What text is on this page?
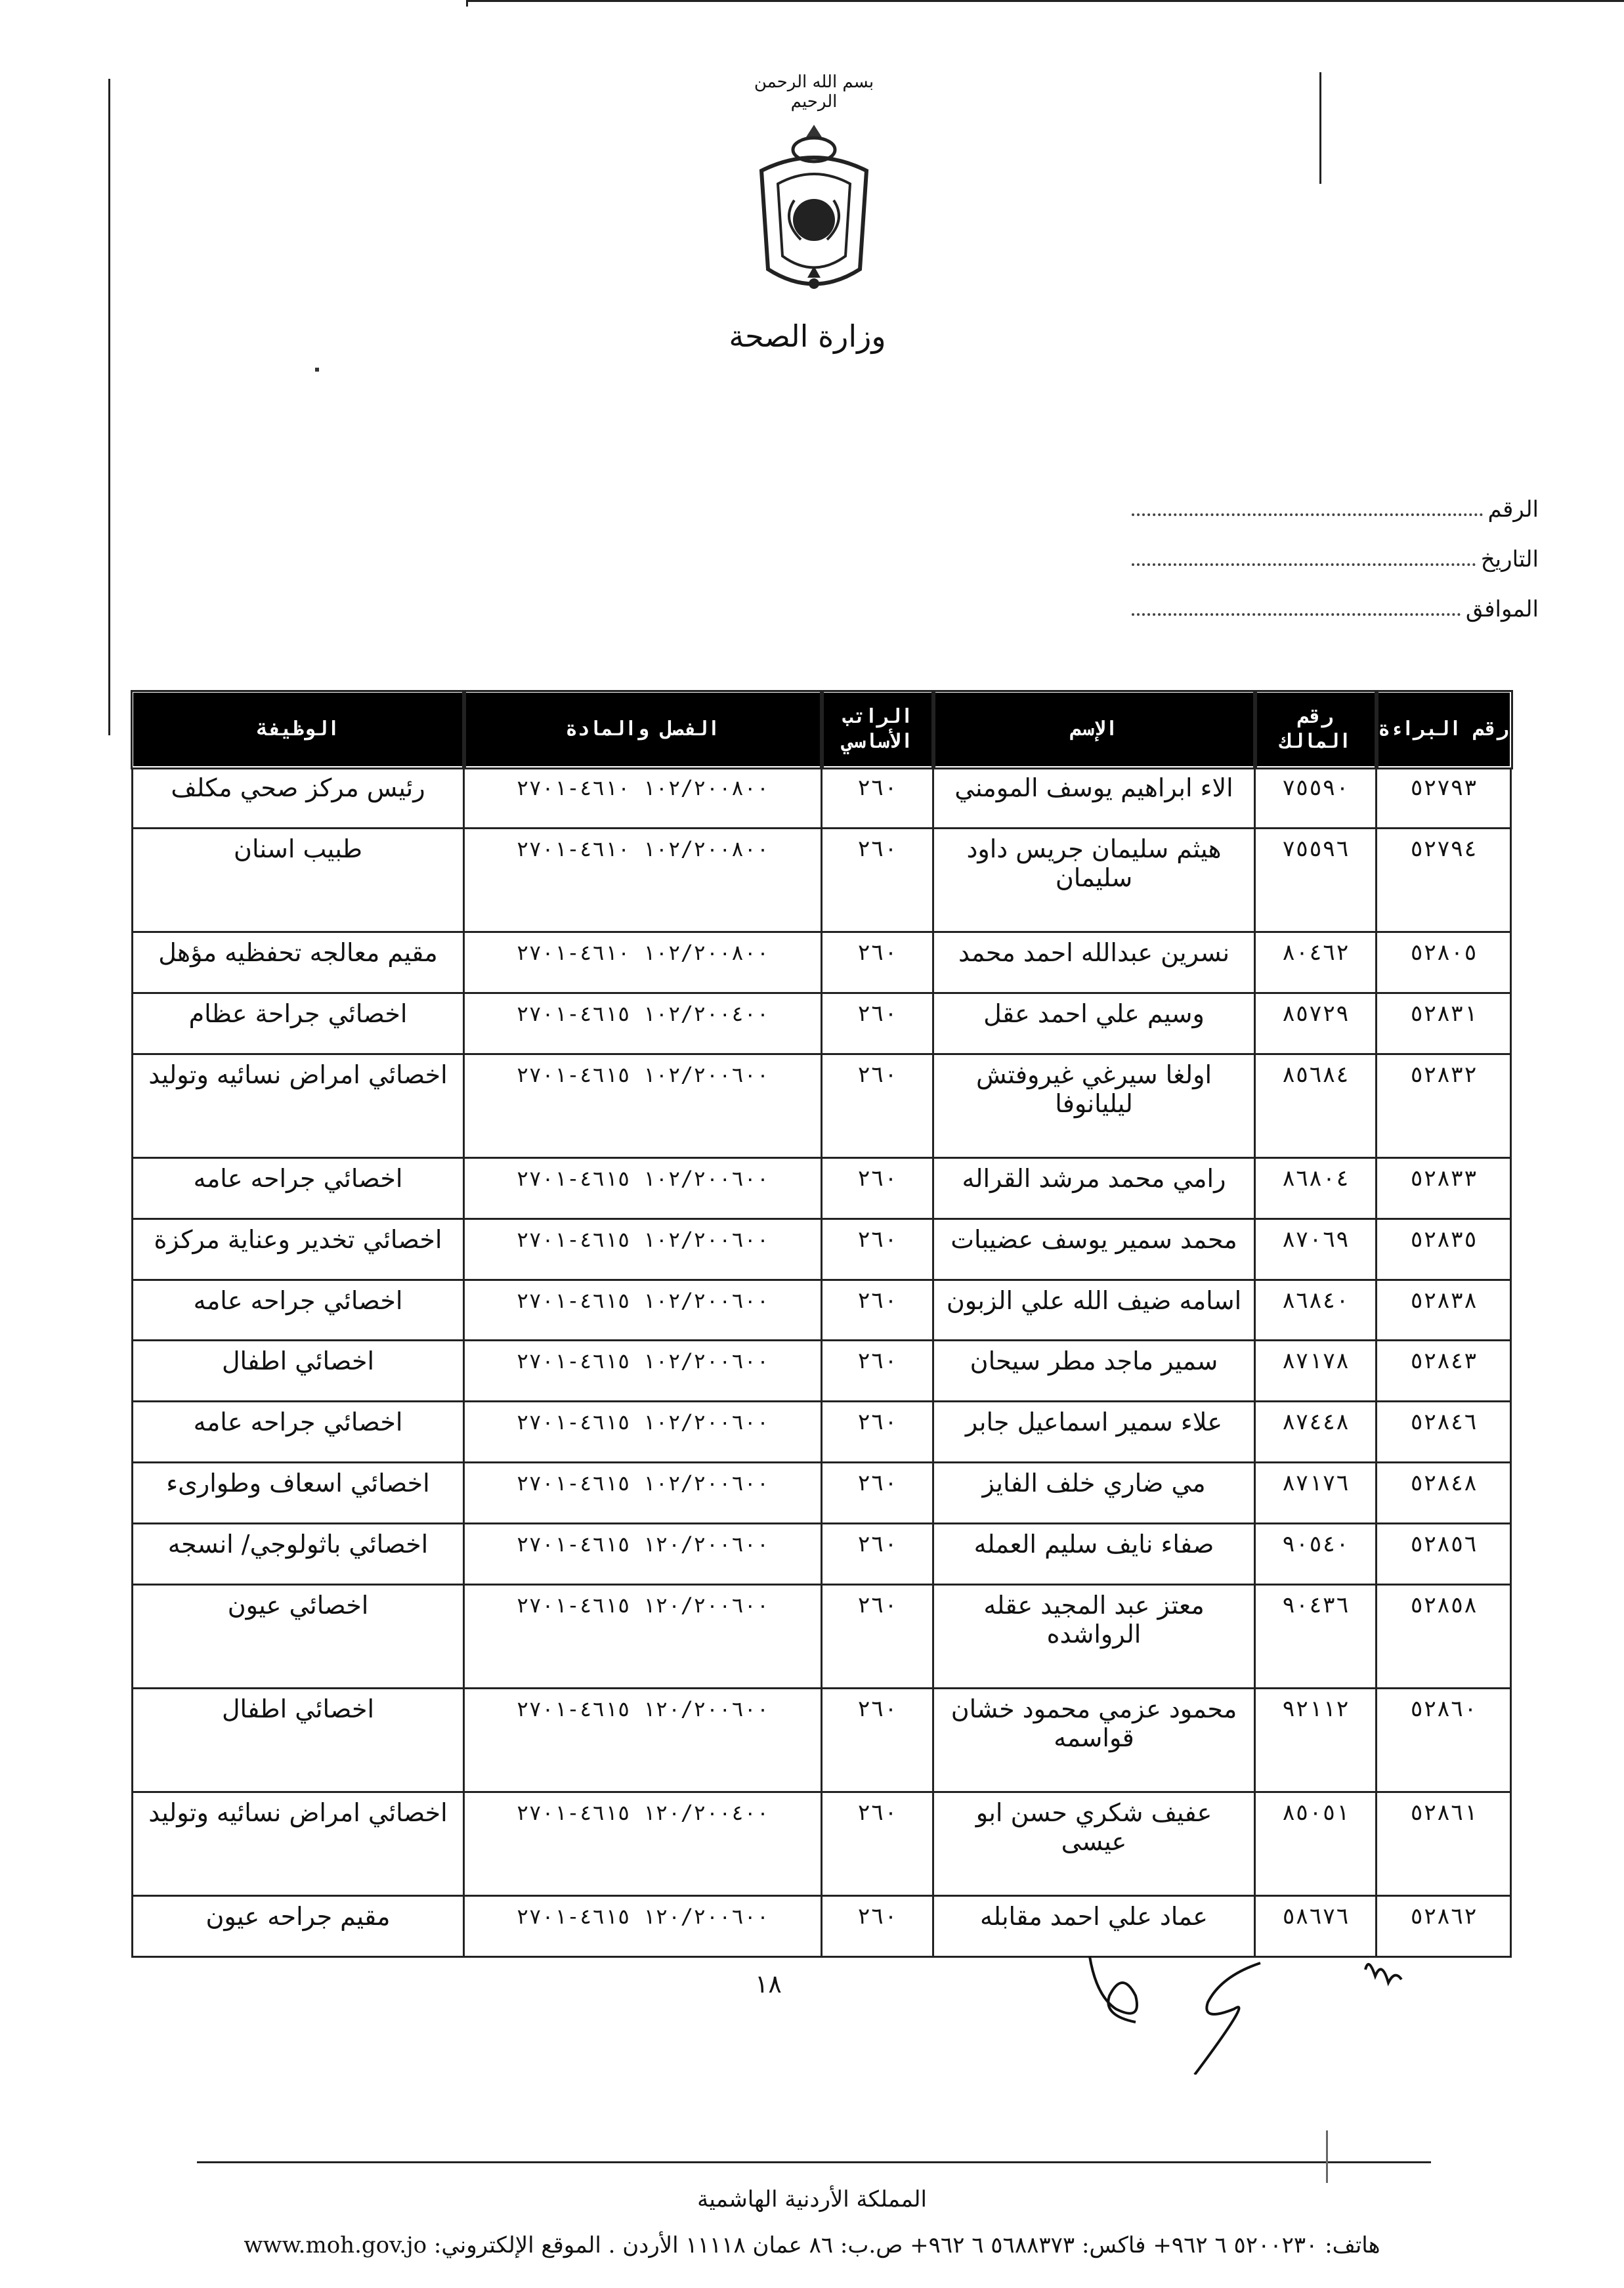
بسم الله الرحمن الرحيم
وزارة الصحة
الرقم
التاريخ
الموافق
رقم البراءة	رقم المالك	الإسم	الراتب الأساسي	الفصل والمادة	الوظيفة
٥٢٧٩٣	٧٥٥٩٠	الاء ابراهيم يوسف المومني	٢٦٠	١٠٢/٢٠٠٨٠٠ ٤٦١٠-٢٧٠١	رئيس مركز صحي مكلف
٥٢٧٩٤	٧٥٥٩٦	هيثم سليمان جريس داود سليمان	٢٦٠	١٠٢/٢٠٠٨٠٠ ٤٦١٠-٢٧٠١	طبيب اسنان
٥٢٨٠٥	٨٠٤٦٢	نسرين عبدالله احمد محمد	٢٦٠	١٠٢/٢٠٠٨٠٠ ٤٦١٠-٢٧٠١	مقيم معالجه تحفظيه مؤهل
٥٢٨٣١	٨٥٧٢٩	وسيم علي احمد عقل	٢٦٠	١٠٢/٢٠٠٤٠٠ ٤٦١٥-٢٧٠١	اخصائي جراحة عظام
٥٢٨٣٢	٨٥٦٨٤	اولغا سيرغي غيروفتش ليليانوفا	٢٦٠	١٠٢/٢٠٠٦٠٠ ٤٦١٥-٢٧٠١	اخصائي امراض نسائيه وتوليد
٥٢٨٣٣	٨٦٨٠٤	رامي محمد مرشد القراله	٢٦٠	١٠٢/٢٠٠٦٠٠ ٤٦١٥-٢٧٠١	اخصائي جراحه عامه
٥٢٨٣٥	٨٧٠٦٩	محمد سمير يوسف عضيبات	٢٦٠	١٠٢/٢٠٠٦٠٠ ٤٦١٥-٢٧٠١	اخصائي تخدير وعناية مركزة
٥٢٨٣٨	٨٦٨٤٠	اسامه ضيف الله علي الزبون	٢٦٠	١٠٢/٢٠٠٦٠٠ ٤٦١٥-٢٧٠١	اخصائي جراحه عامه
٥٢٨٤٣	٨٧١٧٨	سمير ماجد مطر سيحان	٢٦٠	١٠٢/٢٠٠٦٠٠ ٤٦١٥-٢٧٠١	اخصائي اطفال
٥٢٨٤٦	٨٧٤٤٨	علاء سمير اسماعيل جابر	٢٦٠	١٠٢/٢٠٠٦٠٠ ٤٦١٥-٢٧٠١	اخصائي جراحه عامه
٥٢٨٤٨	٨٧١٧٦	مي ضاري خلف الفايز	٢٦٠	١٠٢/٢٠٠٦٠٠ ٤٦١٥-٢٧٠١	اخصائي اسعاف وطوارىء
٥٢٨٥٦	٩٠٥٤٠	صفاء نايف سليم العمله	٢٦٠	١٢٠/٢٠٠٦٠٠ ٤٦١٥-٢٧٠١	اخصائي باثولوجي/ انسجه
٥٢٨٥٨	٩٠٤٣٦	معتز عبد المجيد عقله الرواشده	٢٦٠	١٢٠/٢٠٠٦٠٠ ٤٦١٥-٢٧٠١	اخصائي عيون
٥٢٨٦٠	٩٢١١٢	محمود عزمي محمود خشان قواسمه	٢٦٠	١٢٠/٢٠٠٦٠٠ ٤٦١٥-٢٧٠١	اخصائي اطفال
٥٢٨٦١	٨٥٠٥١	عفيف شكري حسن ابو عيسى	٢٦٠	١٢٠/٢٠٠٤٠٠ ٤٦١٥-٢٧٠١	اخصائي امراض نسائيه وتوليد
٥٢٨٦٢	٥٨٦٧٦	عماد علي احمد مقابله	٢٦٠	١٢٠/٢٠٠٦٠٠ ٤٦١٥-٢٧٠١	مقيم جراحه عيون
١٨
المملكة الأردنية الهاشمية
هاتف: ٥٢٠٠٢٣٠ ٦ ٩٦٢+ فاكس: ٥٦٨٨٣٧٣ ٦ ٩٦٢+ ص.ب: ٨٦ عمان ١١١١٨ الأردن . الموقع الإلكتروني: www.moh.gov.jo
